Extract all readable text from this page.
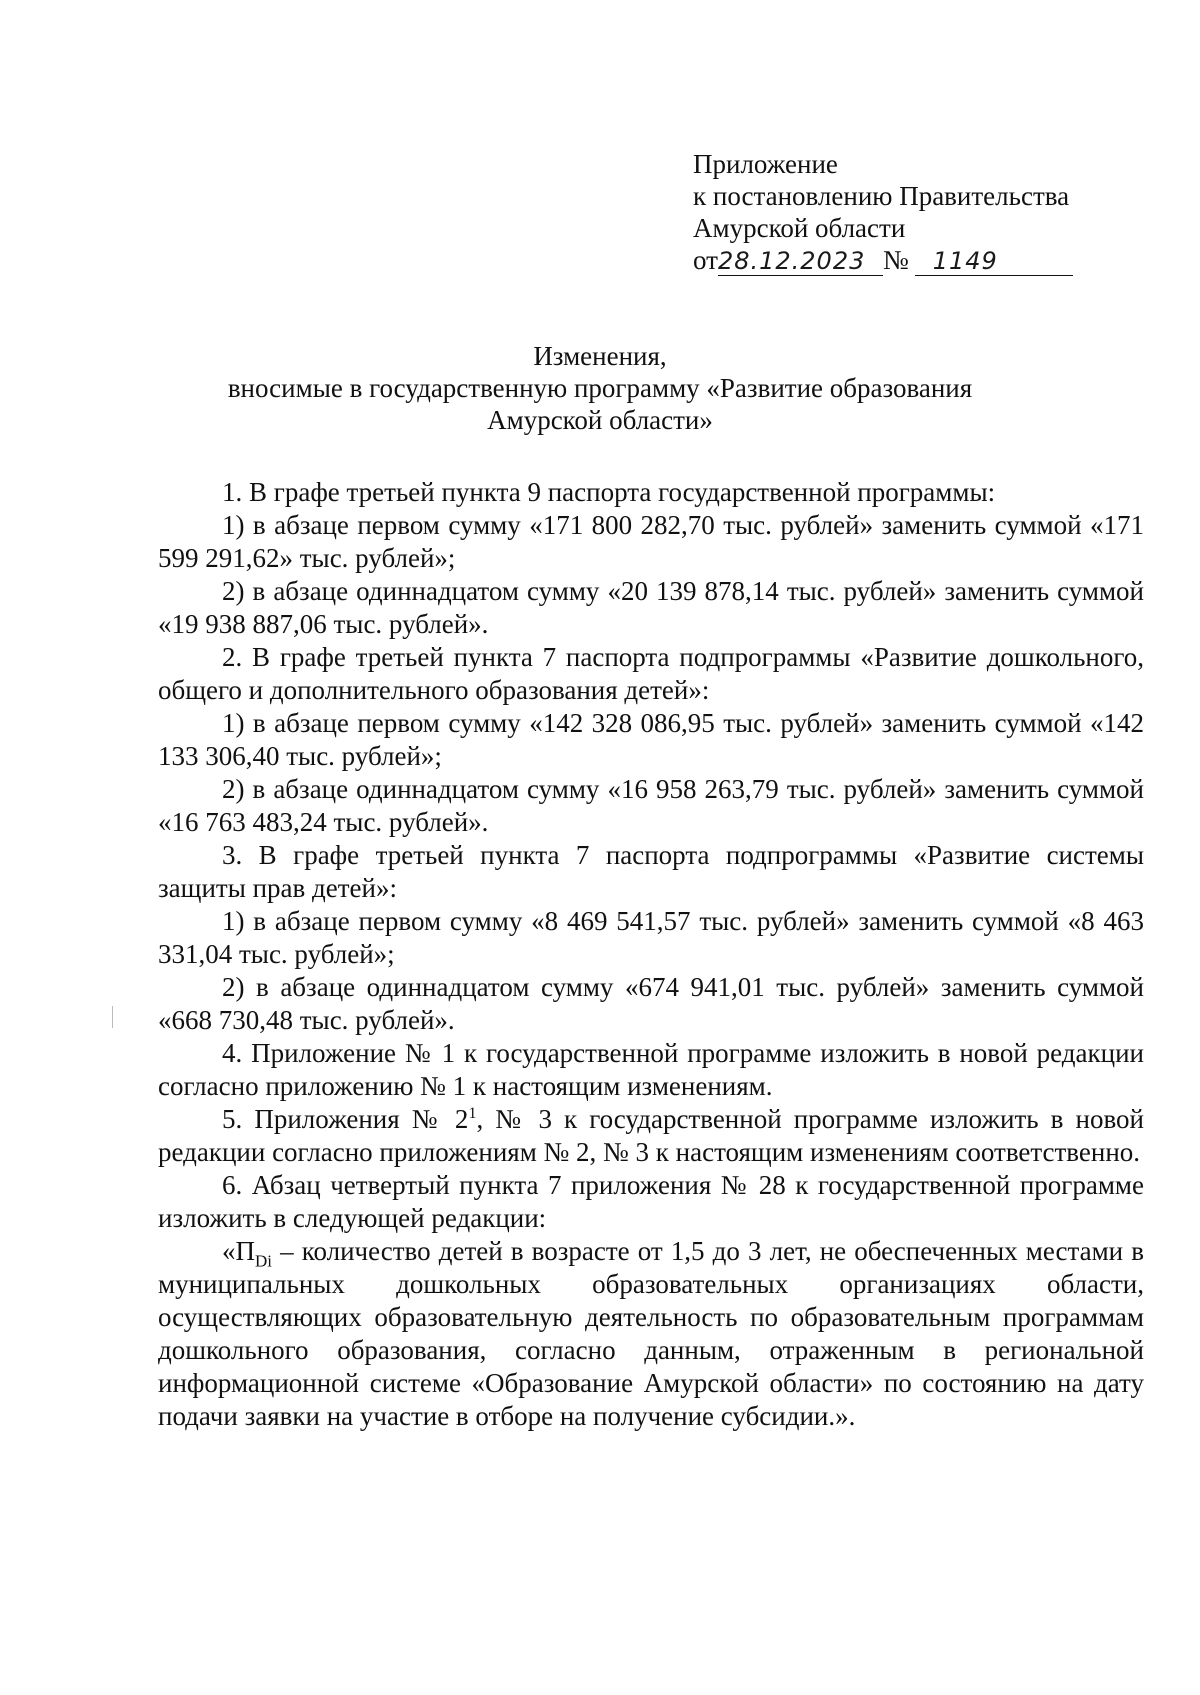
Приложение
к постановлению Правительства
Амурской области
от 28.12.2023 №	1149
Изменения,
вносимые в государственную программу «Развитие образования
Амурской области»

1. В графе третьей пункта 9 паспорта государственной программы:

1) в абзаце первом сумму «171 800 282,70 тыс. рублей» заменить суммой «171 599 291,62» тыс. рублей»;

2) в абзаце одиннадцатом сумму «20 139 878,14 тыс. рублей» заменить суммой «19 938 887,06 тыс. рублей».

2. В графе третьей пункта 7 паспорта подпрограммы «Развитие дошкольного, общего и дополнительного образования детей»:

1) в абзаце первом сумму «142 328 086,95 тыс. рублей» заменить суммой «142 133 306,40 тыс. рублей»;

2) в абзаце одиннадцатом сумму «16 958 263,79 тыс. рублей» заменить суммой «16 763 483,24 тыс. рублей».

3. В графе третьей пункта 7 паспорта подпрограммы «Развитие системы защиты прав детей»:

1) в абзаце первом сумму «8 469 541,57 тыс. рублей» заменить суммой «8 463 331,04 тыс. рублей»;

2) в абзаце одиннадцатом сумму «674 941,01 тыс. рублей» заменить суммой «668 730,48 тыс. рублей».

4. Приложение № 1 к государственной программе изложить в новой редакции согласно приложению № 1 к настоящим изменениям.

5. Приложения № $2^1$, № 3 к государственной программе изложить в новой редакции согласно приложениям № 2, № 3 к настоящим изменениям соответственно.

6. Абзац четвертый пункта 7 приложения № 28 к государственной программе изложить в следующей редакции:

«$П_{Di}$ – количество детей в возрасте от 1,5 до 3 лет, не обеспеченных местами в муниципальных дошкольных образовательных организациях области, осуществляющих образовательную деятельность по образовательным программам дошкольного образования, согласно данным, отраженным в региональной информационной системе «Образование Амурской области» по состоянию на дату подачи заявки на участие в отборе на получение субсидии.».
